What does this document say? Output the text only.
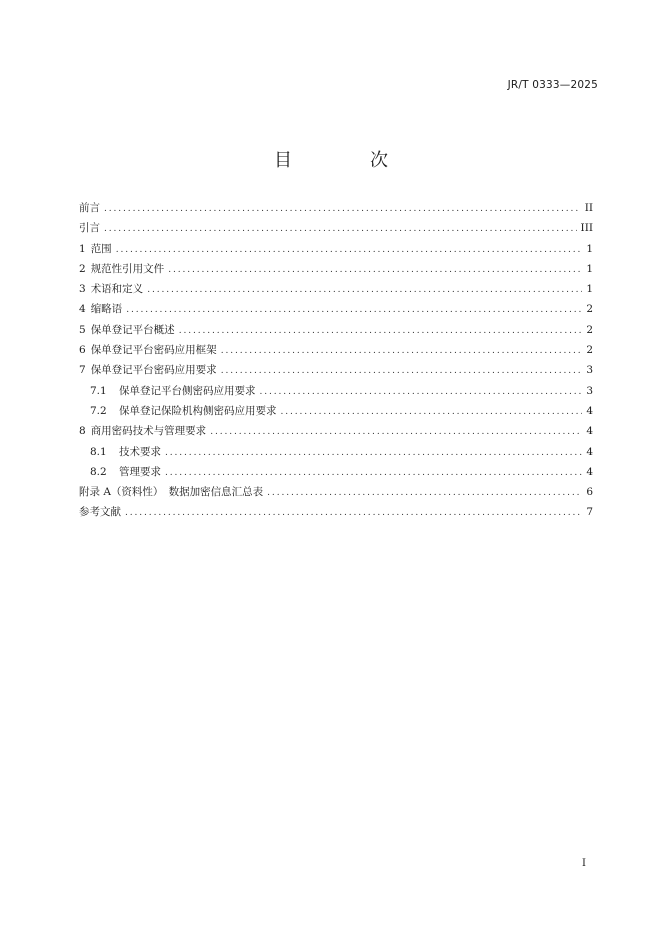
JR/T 0333—2025
目　次
前言 .....	II
引言 .....	III
1 范围 .....	1
2 规范性引用文件 .....	1
3 术语和定义 .....	1
4 缩略语 .....	2
5 保单登记平台概述 .....	2
6 保单登记平台密码应用框架 .....	2
7 保单登记平台密码应用要求 .....	3
7.1	保单登记平台侧密码应用要求 .....	3
7.2	保单登记保险机构侧密码应用要求 .....	4
8 商用密码技术与管理要求 .....	4
8.1	技术要求 .....	4
8.2	管理要求 .....	4
附录 A（资料性）　数据加密信息汇总表 .....	6
参考文献 .....	7
I
